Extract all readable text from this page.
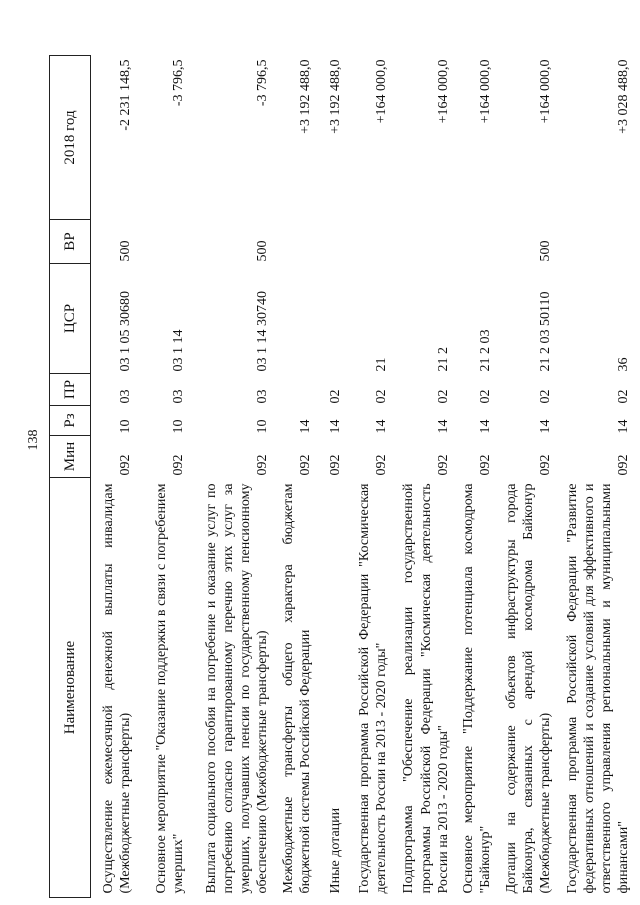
138
Наименование	Мин	Рз	ПР	ЦСР	ВР	2018 год
Осуществление ежемесячной денежной выплаты инвалидам (Межбюджетные трансферты)	092	10	03	03 1 05 30680	500	-2 231 148,5
Основное мероприятие "Оказание поддержки в связи с погребением умерших"	092	10	03	03 1 14		-3 796,5
Выплата социального пособия на погребение и оказание услуг по погребению согласно гарантированному перечню этих услуг за умерших, получавших пенсии по государственному пенсионному обеспечению (Межбюджетные трансферты)	092	10	03	03 1 14 30740	500	-3 796,5
Межбюджетные трансферты общего характера бюджетам бюджетной системы Российской Федерации	092	14				+3 192 488,0
Иные дотации	092	14	02			+3 192 488,0
Государственная программа Российской Федерации "Космическая деятельность России на 2013 - 2020 годы"	092	14	02	21		+164 000,0
Подпрограмма "Обеспечение реализации государственной программы Российской Федерации "Космическая деятельность России на 2013 - 2020 годы"	092	14	02	21 2		+164 000,0
Основное мероприятие "Поддержание потенциала космодрома "Байконур"	092	14	02	21 2 03		+164 000,0
Дотации на содержание объектов инфраструктуры города Байконура, связанных с арендой космодрома Байконур (Межбюджетные трансферты)	092	14	02	21 2 03 50110	500	+164 000,0
Государственная программа Российской Федерации "Развитие федеративных отношений и создание условий для эффективного и ответственного управления региональными и муниципальными финансами"	092	14	02	36		+3 028 488,0
